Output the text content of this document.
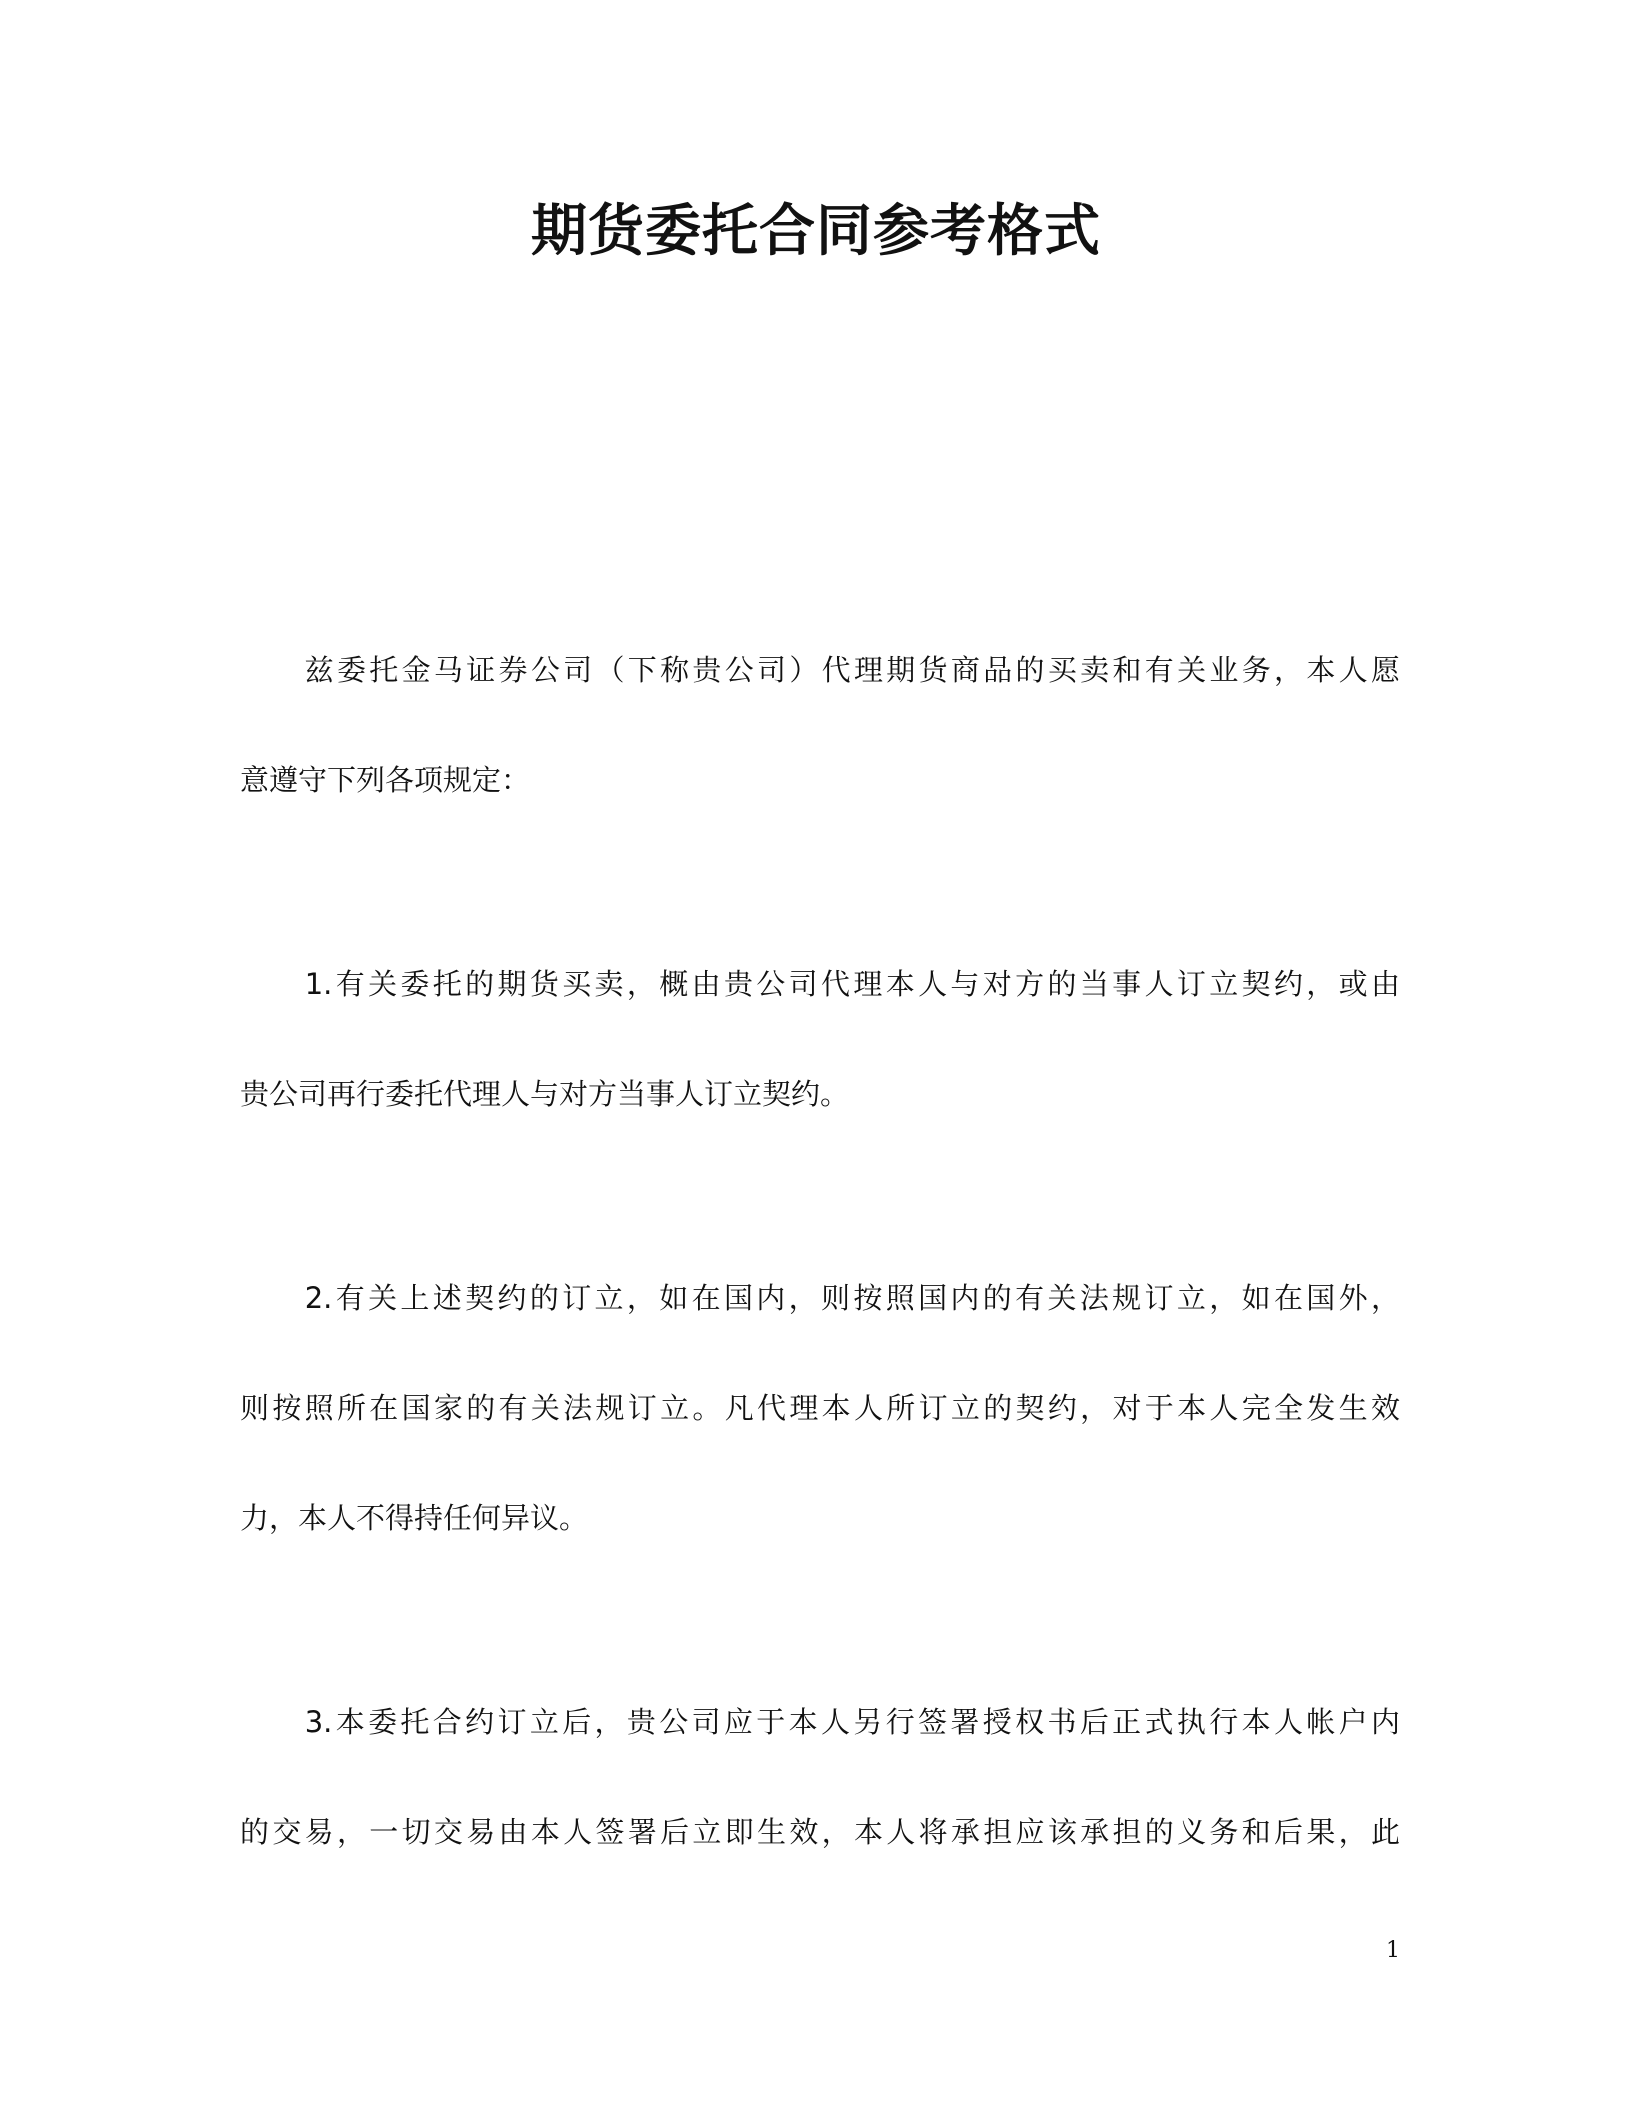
期货委托合同参考格式
　　兹委托金马证券公司（下称贵公司）代理期货商品的买卖和有关业务，本人愿
意遵守下列各项规定：
　　1.有关委托的期货买卖，概由贵公司代理本人与对方的当事人订立契约，或由
贵公司再行委托代理人与对方当事人订立契约。
　　2.有关上述契约的订立，如在国内，则按照国内的有关法规订立，如在国外，
则按照所在国家的有关法规订立。凡代理本人所订立的契约，对于本人完全发生效
力，本人不得持任何异议。
　　3.本委托合约订立后，贵公司应于本人另行签署授权书后正式执行本人帐户内
的交易，一切交易由本人签署后立即生效，本人将承担应该承担的义务和后果，此
1
